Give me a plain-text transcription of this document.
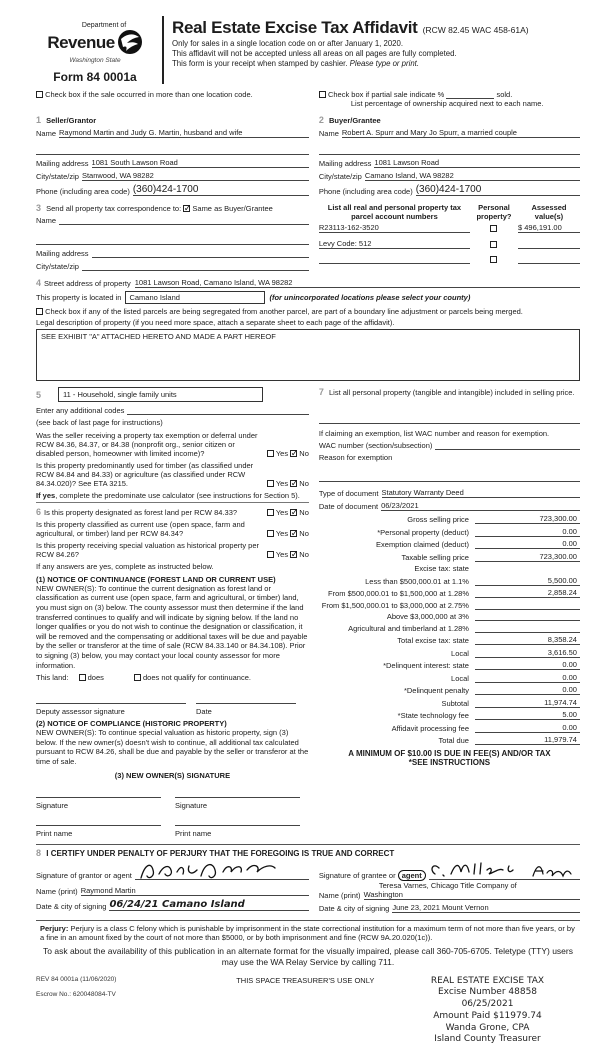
Department of
Revenue
Washington State
Form 84 0001a
Real Estate Excise Tax Affidavit (RCW 82.45 WAC 458-61A)
Only for sales in a single location code on or after January 1, 2020.
This affidavit will not be accepted unless all areas on all pages are fully completed.
This form is your receipt when stamped by cashier. Please type or print.
Check box if the sale occurred in more than one location code.	Check box if partial sale indicate %	sold.
List percentage of ownership acquired next to each name.
1 Seller/Grantor
Name Raymond Martin and Judy G. Martin, husband and wife
Mailing address 1081 South Lawson Road
City/state/zip Stanwood, WA 98282
Phone (including area code) (360)424-1700
2 Buyer/Grantee
Name Robert A. Spurr and Mary Jo Spurr, a married couple
Mailing address 1081 Lawson Road
City/state/zip Camano Island, WA 98282
Phone (including area code) (360)424-1700
3 Send all property tax correspondence to: ✓ Same as Buyer/Grantee
Name
Mailing address
City/state/zip
List all real and personal property tax parcel account numbers
Personal property?
Assessed value(s)
R23113-162-3520	$ 496,191.00
Levy Code: 512
4 Street address of property 1081 Lawson Road, Camano Island, WA 98282
This property is located in	Camano Island	(for unincorporated locations please select your county)
Check box if any of the listed parcels are being segregated from another parcel, are part of a boundary line adjustment or parcels being merged.
Legal description of property (if you need more space, attach a separate sheet to each page of the affidavit).
SEE EXHIBIT "A" ATTACHED HERETO AND MADE A PART HEREOF
5	11 - Household, single family units
Enter any additional codes
(see back of last page for instructions)
Was the seller receiving a property tax exemption or deferral under RCW 84.36, 84.37, or 84.38 (nonprofit org., senior citizen or disabled person, homeowner with limited income)?	Yes ✓ No
Is this property predominantly used for timber (as classified under RCW 84.84 and 84.33) or agriculture (as classified under RCW 84.34.020)? See ETA 3215.	Yes ✓ No
If yes, complete the predominate use calculator (see instructions for Section 5).
6 Is this property designated as forest land per RCW 84.33?	Yes ✓ No
Is this property classified as current use (open space, farm and agricultural, or timber) land per RCW 84.34?	Yes ✓ No
Is this property receiving special valuation as historical property per RCW 84.26?	Yes ✓ No
If any answers are yes, complete as instructed below.
(1) NOTICE OF CONTINUANCE (FOREST LAND OR CURRENT USE)
NEW OWNER(S): To continue the current designation as forest land or classification as current use (open space, farm and agricultural, or timber) land, you must sign on (3) below. The county assessor must then determine if the land transferred continues to qualify and will indicate by signing below. If the land no longer qualifies or you do not wish to continue the designation or classification, it will be removed and the compensating or additional taxes will be due and payable by the seller or transferor at the time of sale (RCW 84.33.140 or 84.34.108). Prior to signing (3) below, you may contact your local county assessor for more information.
This land:	does	does not qualify for continuance.
Deputy assessor signature	Date
(2) NOTICE OF COMPLIANCE (HISTORIC PROPERTY)
NEW OWNER(S): To continue special valuation as historic property, sign (3) below. If the new owner(s) doesn't wish to continue, all additional tax calculated pursuant to RCW 84.26, shall be due and payable by the seller or transferor at the time of sale.
(3) NEW OWNER(S) SIGNATURE
Signature	Signature
Print name	Print name
7 List all personal property (tangible and intangible) included in selling price.
If claiming an exemption, list WAC number and reason for exemption.
WAC number (section/subsection)
Reason for exemption
Type of document Statutory Warranty Deed
Date of document 06/23/2021
Gross selling price	723,300.00
*Personal property (deduct)	0.00
Exemption claimed (deduct)	0.00
Taxable selling price	723,300.00
Excise tax: state
Less than $500,000.01 at 1.1%	5,500.00
From $500,000.01 to $1,500,000 at 1.28%	2,858.24
From $1,500,000.01 to $3,000,000 at 2.75%
Above $3,000,000 at 3%
Agricultural and timberland at 1.28%
Total excise tax: state	8,358.24
Local	3,616.50
*Delinquent interest: state	0.00
Local	0.00
*Delinquent penalty	0.00
Subtotal	11,974.74
*State technology fee	5.00
Affidavit processing fee	0.00
Total due	11,979.74
A MINIMUM OF $10.00 IS DUE IN FEE(S) AND/OR TAX
*SEE INSTRUCTIONS
8 I CERTIFY UNDER PENALTY OF PERJURY THAT THE FOREGOING IS TRUE AND CORRECT
Signature of grantor or agent
Name (print) Raymond Martin
Date & city of signing 06/24/21 Camano Island
Signature of grantee or agent
Teresa Varnes, Chicago Title Company of
Name (print) Washington
Date & city of signing June 23, 2021 Mount Vernon
Perjury: Perjury is a class C felony which is punishable by imprisonment in the state correctional institution for a maximum term of not more than five years, or by a fine in an amount fixed by the court of not more than $5000, or by both imprisonment and fine (RCW 9A.20.020(1c)).
To ask about the availability of this publication in an alternate format for the visually impaired, please call 360-705-6705. Teletype (TTY) users may use the WA Relay Service by calling 711.
REV 84 0001a (11/06/2020)
Escrow No.: 620048084-TV
THIS SPACE TREASURER'S USE ONLY	REAL ESTATE EXCISE TAX
Excise Number 48858
06/25/2021
Amount Paid $11979.74
Wanda Grone, CPA
Island County Treasurer
